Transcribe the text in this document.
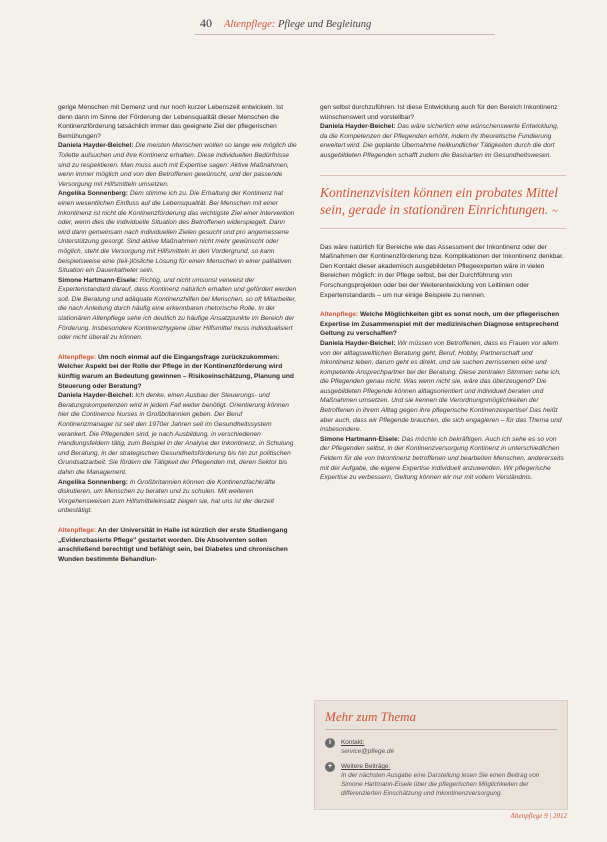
40 Altenpflege: Pflege und Begleitung
gerige Menschen mit Demenz und nur noch kurzer Lebenszeit entwickeln. Ist denn dann im Sinne der Förderung der Lebensqualität dieser Menschen die Kontinenzförderung tatsächlich immer das geeignete Ziel der pflegerischen Bemühungen?
Daniela Hayder-Beichel: Die meisten Menschen wollen so lange wie möglich die Toilette aufsuchen und ihre Kontinenz erhalten. Diese individuellen Bedürfnisse sind zu respektieren. Man muss auch mit Expertise sagen: Aktive Maßnahmen, wenn immer möglich und von den Betroffenen gewünscht, und der passende Versorgung mit Hilfsmitteln umsetzen.
Angelika Sonnenberg: Dem stimme ich zu. Die Erhaltung der Kontinenz hat einen wesentlichen Einfluss auf die Lebensqualität. Bei Menschen mit einer Inkontinenz ist nicht die Kontinenzförderung das wichtigste Ziel einer Intervention oder, wenn dies die individuelle Situation des Betroffenen widerspiegelt. Dann wird dann gemeinsam nach individuellen Zielen gesucht und pro angemessene Unterstützung gesorgt. Sind aktive Maßnahmen nicht mehr gewünscht oder möglich, steht die Versorgung mit Hilfsmitteln in den Vordergrund, so kann beispielsweise eine (teil-)lösliche Lösung für einen Menschen in einer palliativen Situation ein Dauerkatheter sein.
Simone Hartmann-Eisele: Richtig, und nicht umsonst verweist der Expertenstandard darauf, dass Kontinenz natürlich erhalten und gefördert werden soll. Die Beratung und adäquate Kontinenzhilfen bei Menschen, so oft Mitarbeiter, die nach Anleitung durch häufig eine erkennbaren rhetorische Rolle. In der stationären Altenpflege sehe ich deutlich zu häufige Ansatzpunkte im Bereich der Förderung. Insbesondere Kontinenzhygiene über Hilfsmittel muss individualisiert oder nicht überall zu können.
Altenpflege: Um noch einmal auf die Eingangsfrage zurückzukommen: Welcher Aspekt bei der Rolle der Pflege in der Kontinenzförderung wird künftig warum an Bedeutung gewinnen – Risikoeinschätzung, Planung und Steuerung oder Beratung?
Daniela Hayder-Beichel: Ich denke, einen Ausbau der Steuerungs- und Beratungskompetenzen wird in jedem Fall weiter benötigt. Orientierung können hier die Continence Nurses in Großbritannien geben. Der Beruf Kontinenzmanager ist seit den 1970er Jahren seit im Gesundheitssystem verankert. Die Pflegenden sind, je nach Ausbildung, in verschiedenen Handlungsfeldern tätig, zum Beispiel in der Analyse der Inkontinenz, in Schulung und Beratung, in der strategischen Gesundheitsförderung bis hin zur politischen Grundsatzarbeit. Sie fördern die Tätigkeit der Pflegenden mit, deren Sektor bis dahin die Management.
Angelika Sonnenberg: In Großbritannien können die Kontinenzfachkräfte diskutieren, um Menschen zu beraten und zu schulen. Mit weiteren Vorgehensweisen zum Hilfsmitteleinsatz zeigen sie, hat uns ist der derzeit unbestätigt.
Altenpflege: An der Universität in Halle ist kürzlich der erste Studiengang „Evidenzbasierte Pflege" gestartet worden. Die Absolventen sollen anschließend berechtigt und befähigt sein, bei Diabetes und chronischen Wunden bestimmte Behandlun-
gen selbst durchzuführen. Ist diese Entwicklung auch für den Bereich Inkontinenz wünschenswert und vorstellbar?
Daniela Hayder-Beichel: Das wäre sicherlich eine wünschenswerte Entwicklung, da die Kompetenzen der Pflegenden erhöht, indem ihr theoretische Fundierung erweitert wird. Die geplante Übernahme heilkundlicher Tätigkeiten durch die dort ausgebildeten Pflegenden schafft zudem die Basisarten im Gesundheitswesen.
Kontinenzvisiten können ein probates Mittel sein, gerade in stationären Einrichtungen. ~
Das wäre natürlich für Bereiche wie das Assessment der Inkontinenz oder der Maßnahmen der Kontinenzförderung bzw. Komplikationen der Inkontinenz denkbar. Den Kontakt dieser akademisch ausgebildeten Pflegeexperten wäre in vielen Bereichen möglich: in der Pflege selbst, bei der Durchführung von Forschungsprojekten oder bei der Weiterentwicklung von Leitlinien oder Expertenstandards – um nur einige Beispiele zu nennen.
Altenpflege: Welche Möglichkeiten gibt es sonst noch, um der pflegerischen Expertise im Zusammenspiel mit der medizinischen Diagnose entsprechend Geltung zu verschaffen?
Daniela Hayder-Beichel: Wir müssen von Betroffenen, dass es Frauen vor allem von der alltagsweltlichen Beratung geht, Beruf, Hobby, Partnerschaft und Inkontinenz leben, darum geht es direkt, und sie suchen zerrissenen eine und kompetente Ansprechpartner bei der Beratung. Diese zentralen Stimmen sehe ich, die Pflegenden genau nicht. Was wenn nicht sie, wäre das überzeugend? Die ausgebildeten Pflegende können alltagsorientiert und individuell beraten und Maßnahmen umsetzen. Und sie kennen die Verordnungsmöglichkeiten der Betroffenen in ihrem Alltag gegen ihre pflegerische Kontinenzexpertise! Das heißt aber auch, dass wir Pflegende brauchen, die sich engagieren – für das Thema und insbesondere.
Simone Hartmann-Eisele: Das möchte ich bekräftigen. Auch ich sehe es so von der Pflegenden selbst, in der Kontinenzversorgung Kontinenz in unterschiedlichen Feldern für die von Inkontinenz betroffenen und bearbeiten Menschen, andererseits mit der Aufgabe, die eigene Expertise individuell anzuwenden. Wir pflegerische Expertise zu verbessern, Geltung können wir nur mit vollem Verständnis.
Mehr zum Thema
i	Kontakt:
service@pflege.de
+	Weitere Beiträge:
In der nächsten Ausgabe eine Darstellung lesen Sie einen Beitrag von Simone Hartmann-Eisele über die pflegerischen Möglichkeiten der differenzierten Einschätzung und Inkontinenzversorgung.
Altenpflege 9 | 2012
